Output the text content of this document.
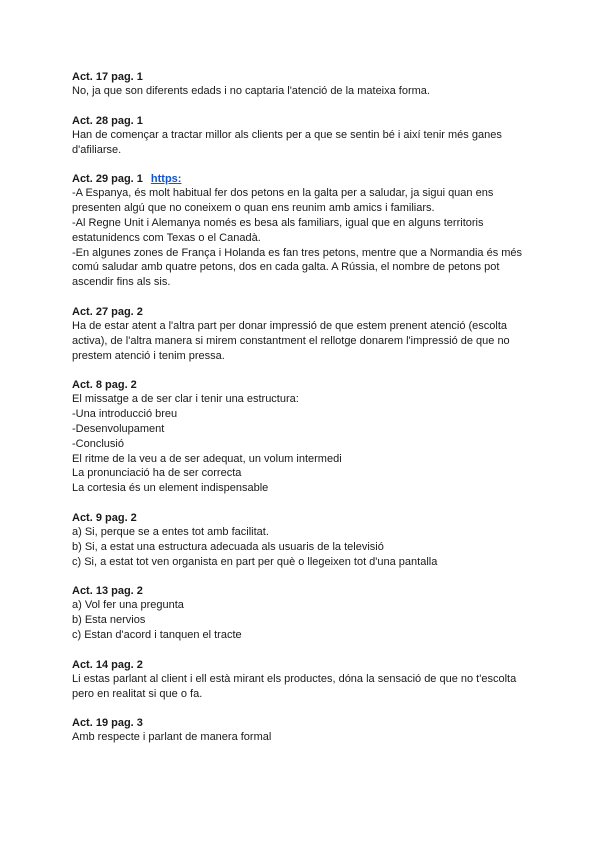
Act. 17 pag. 1

No, ja que son diferents edads i no captaria l'atenció de la mateixa forma.

Act. 28 pag. 1

Han de començar a tractar millor als clients per a que se sentin bé i així tenir més ganes

d'afiliarse.

Act. 29 pag. 1 https:

-A Espanya, és molt habitual fer dos petons en la galta per a saludar, ja sigui quan ens

presenten algú que no coneixem o quan ens reunim amb amics i familiars.

-Al Regne Unit i Alemanya només es besa als familiars, igual que en alguns territoris

estatunidencs com Texas o el Canadà.

-En algunes zones de França i Holanda es fan tres petons, mentre que a Normandia és més

comú saludar amb quatre petons, dos en cada galta. A Rússia, el nombre de petons pot

ascendir fins als sis.

Act. 27 pag. 2

Ha de estar atent a l'altra part per donar impressió de que estem prenent atenció (escolta

activa), de l'altra manera si mirem constantment el rellotge donarem l'impressió de que no

prestem atenció i tenim pressa.

Act. 8 pag. 2

El missatge a de ser clar i tenir una estructura:

-Una introducció breu

-Desenvolupament

-Conclusió

El ritme de la veu a de ser adequat, un volum intermedi

La pronunciació ha de ser correcta

La cortesia és un element indispensable

Act. 9 pag. 2

a) Si, perque se a entes tot amb facilitat.

b) Si, a estat una estructura adecuada als usuaris de la televisió

c) Si, a estat tot ven organista en part per què o llegeixen tot d'una pantalla

Act. 13 pag. 2

a) Vol fer una pregunta

b) Esta nervios

c) Estan d'acord i tanquen el tracte

Act. 14 pag. 2

Li estas parlant al client i ell està mirant els productes, dóna la sensació de que no t'escolta

pero en realitat si que o fa.

Act. 19 pag. 3

Amb respecte i parlant de manera formal
